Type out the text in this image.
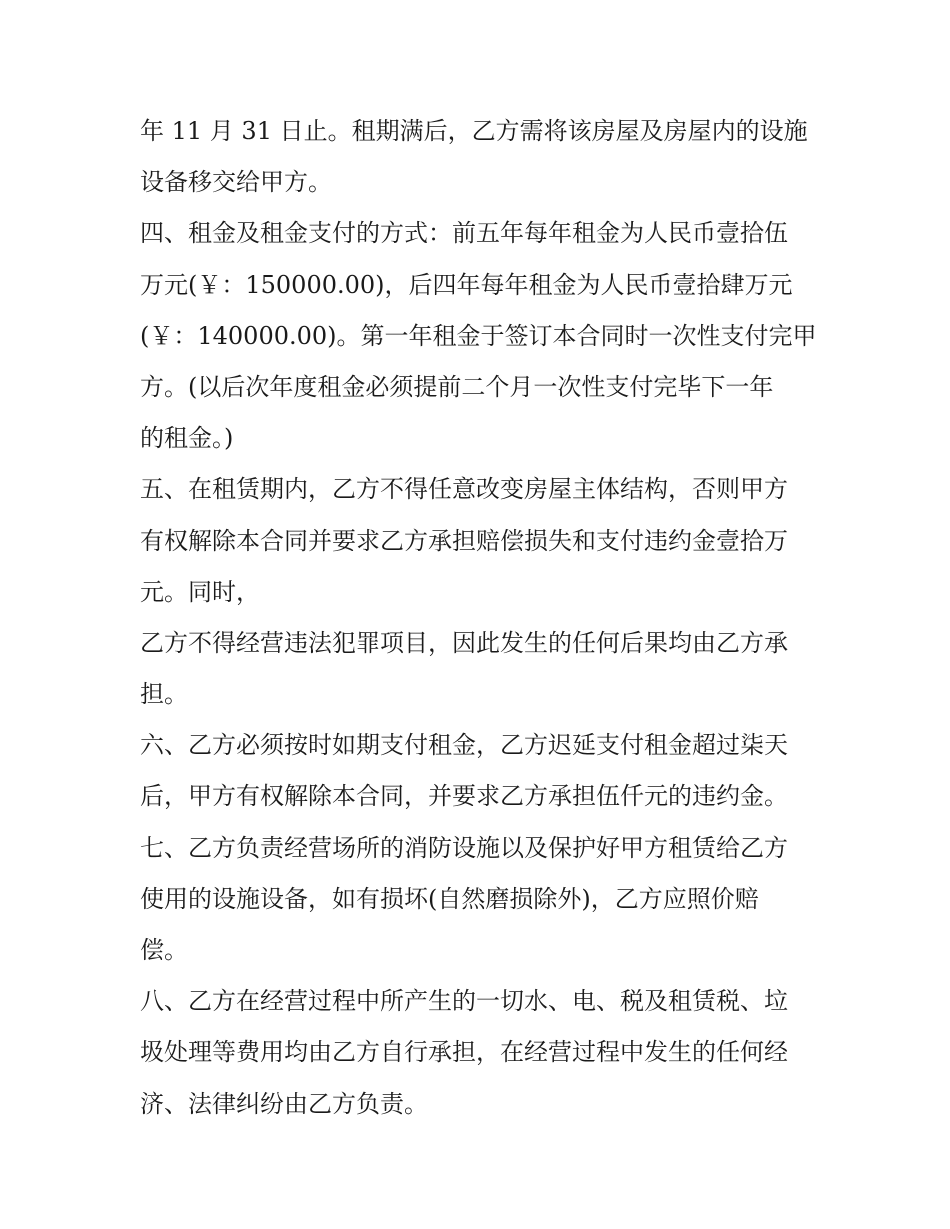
年 11 月 31 日止。租期满后，乙方需将该房屋及房屋内的设施
设备移交给甲方。
四、租金及租金支付的方式：前五年每年租金为人民币壹拾伍
万元(￥：150000.00)，后四年每年租金为人民币壹拾肆万元
(￥：140000.00)。第一年租金于签订本合同时一次性支付完甲
方。(以后次年度租金必须提前二个月一次性支付完毕下一年
的租金。)
五、在租赁期内，乙方不得任意改变房屋主体结构，否则甲方
有权解除本合同并要求乙方承担赔偿损失和支付违约金壹拾万
元。同时，
乙方不得经营违法犯罪项目，因此发生的任何后果均由乙方承
担。
六、乙方必须按时如期支付租金，乙方迟延支付租金超过柒天
后，甲方有权解除本合同，并要求乙方承担伍仟元的违约金。
七、乙方负责经营场所的消防设施以及保护好甲方租赁给乙方
使用的设施设备，如有损坏(自然磨损除外)，乙方应照价赔
偿。
八、乙方在经营过程中所产生的一切水、电、税及租赁税、垃
圾处理等费用均由乙方自行承担，在经营过程中发生的任何经
济、法律纠纷由乙方负责。
